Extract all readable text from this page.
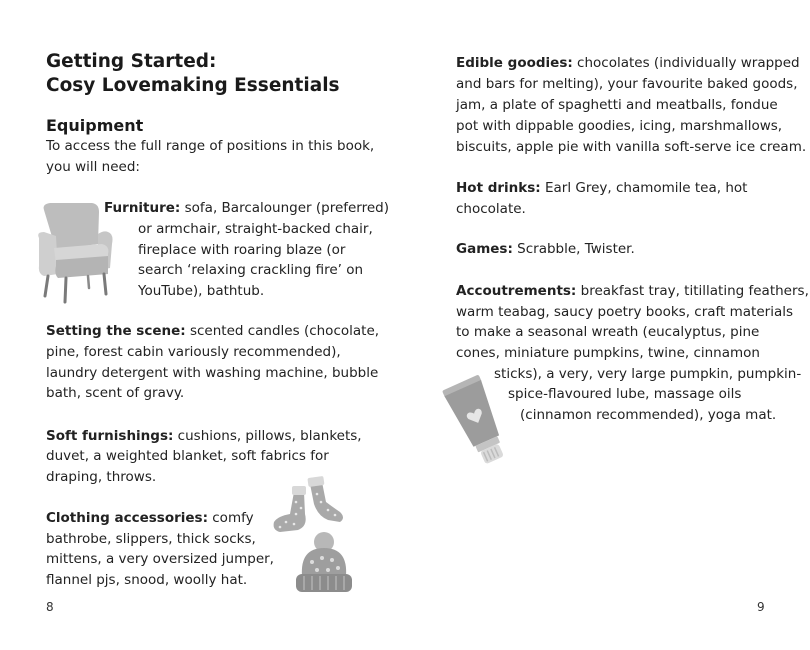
Getting Started:
Cosy Lovemaking Essentials
Equipment

To access the full range of positions in this book,

you will need:

Furniture: sofa, Barcalounger (preferred)

or armchair, straight-backed chair,

fireplace with roaring blaze (or

search ‘relaxing crackling fire’ on

YouTube), bathtub.

Setting the scene: scented candles (chocolate,

pine, forest cabin variously recommended),

laundry detergent with washing machine, bubble

bath, scent of gravy.

Soft furnishings: cushions, pillows, blankets,

duvet, a weighted blanket, soft fabrics for

draping, throws.

Clothing accessories: comfy

bathrobe, slippers, thick socks,

mittens, a very oversized jumper,

flannel pjs, snood, woolly hat.

8

Edible goodies: chocolates (individually wrapped

and bars for melting), your favourite baked goods,

jam, a plate of spaghetti and meatballs, fondue

pot with dippable goodies, icing, marshmallows,

biscuits, apple pie with vanilla soft-serve ice cream.

Hot drinks: Earl Grey, chamomile tea, hot

chocolate.

Games: Scrabble, Twister.

Accoutrements: breakfast tray, titillating feathers,

warm teabag, saucy poetry books, craft materials

to make a seasonal wreath (eucalyptus, pine

cones, miniature pumpkins, twine, cinnamon

sticks), a very, very large pumpkin, pumpkin-

spice-flavoured lube, massage oils

(cinnamon recommended), yoga mat.

9
